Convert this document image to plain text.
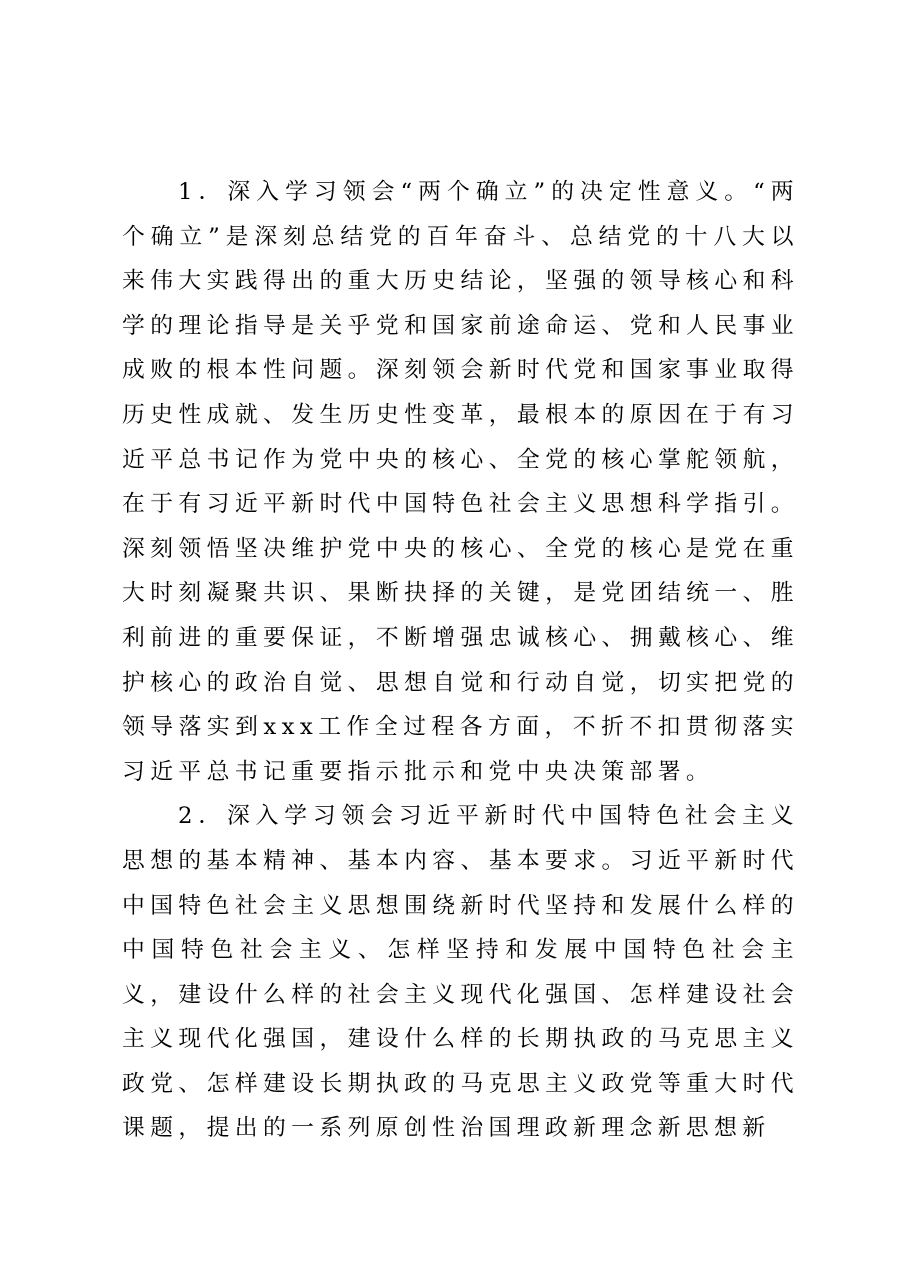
1．深入学习领会“两个确立”的决定性意义。“两个确立”是深刻总结党的百年奋斗、总结党的十八大以来伟大实践得出的重大历史结论，坚强的领导核心和科学的理论指导是关乎党和国家前途命运、党和人民事业成败的根本性问题。深刻领会新时代党和国家事业取得历史性成就、发生历史性变革，最根本的原因在于有习近平总书记作为党中央的核心、全党的核心掌舵领航，在于有习近平新时代中国特色社会主义思想科学指引。深刻领悟坚决维护党中央的核心、全党的核心是党在重大时刻凝聚共识、果断抉择的关键，是党团结统一、胜利前进的重要保证，不断增强忠诚核心、拥戴核心、维护核心的政治自觉、思想自觉和行动自觉，切实把党的领导落实到xxx工作全过程各方面，不折不扣贯彻落实习近平总书记重要指示批示和党中央决策部署。

2．深入学习领会习近平新时代中国特色社会主义思想的基本精神、基本内容、基本要求。习近平新时代中国特色社会主义思想围绕新时代坚持和发展什么样的中国特色社会主义、怎样坚持和发展中国特色社会主义，建设什么样的社会主义现代化强国、怎样建设社会主义现代化强国，建设什么样的长期执政的马克思主义政党、怎样建设长期执政的马克思主义政党等重大时代课题，提出的一系列原创性治国理政新理念新思想新
